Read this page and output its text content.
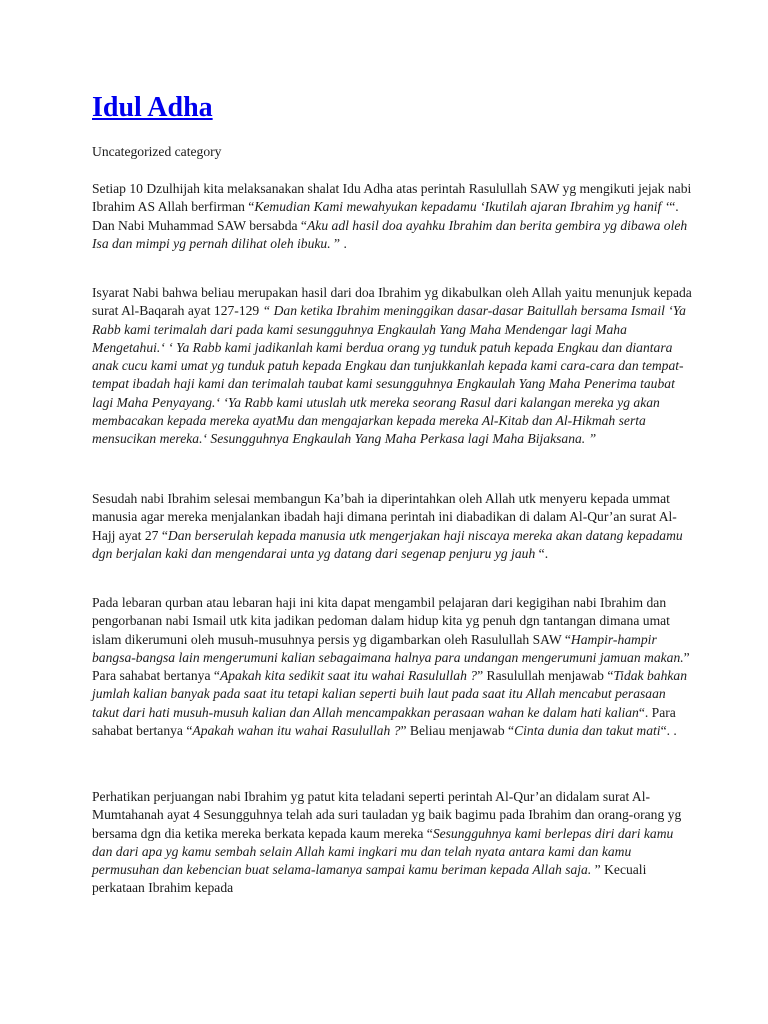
Idul Adha

Uncategorized category

Setiap 10 Dzulhijah kita melaksanakan shalat Idu Adha atas perintah Rasulullah SAW yg mengikuti jejak nabi Ibrahim AS Allah berfirman “Kemudian Kami mewahyukan kepadamu ‘Ikutilah ajaran Ibrahim yg hanif ‘“. Dan Nabi Muhammad SAW bersabda “Aku adl hasil doa ayahku Ibrahim dan berita gembira yg dibawa oleh Isa dan mimpi yg pernah dilihat oleh ibuku. ” .

Isyarat Nabi bahwa beliau merupakan hasil dari doa Ibrahim yg dikabulkan oleh Allah yaitu menunjuk kepada surat Al-Baqarah ayat 127-129 “ Dan ketika Ibrahim meninggikan dasar-dasar Baitullah bersama Ismail ‘Ya Rabb kami terimalah dari pada kami sesungguhnya Engkaulah Yang Maha Mendengar lagi Maha Mengetahui.‘ ‘ Ya Rabb kami jadikanlah kami berdua orang yg tunduk patuh kepada Engkau dan diantara anak cucu kami umat yg tunduk patuh kepada Engkau dan tunjukkanlah kepada kami cara-cara dan tempat-tempat ibadah haji kami dan terimalah taubat kami sesungguhnya Engkaulah Yang Maha Penerima taubat lagi Maha Penyayang.‘ ‘Ya Rabb kami utuslah utk mereka seorang Rasul dari kalangan mereka yg akan membacakan kepada mereka ayatMu dan mengajarkan kepada mereka Al-Kitab dan Al-Hikmah serta mensucikan mereka.‘ Sesungguhnya Engkaulah Yang Maha Perkasa lagi Maha Bijaksana. ”

Sesudah nabi Ibrahim selesai membangun Ka’bah ia diperintahkan oleh Allah utk menyeru kepada ummat manusia agar mereka menjalankan ibadah haji dimana perintah ini diabadikan di dalam Al-Qur’an surat Al-Hajj ayat 27 “Dan berserulah kepada manusia utk mengerjakan haji niscaya mereka akan datang kepadamu dgn berjalan kaki dan mengendarai unta yg datang dari segenap penjuru yg jauh “.

Pada lebaran qurban atau lebaran haji ini kita dapat mengambil pelajaran dari kegigihan nabi Ibrahim dan pengorbanan nabi Ismail utk kita jadikan pedoman dalam hidup kita yg penuh dgn tantangan dimana umat islam dikerumuni oleh musuh-musuhnya persis yg digambarkan oleh Rasulullah SAW “Hampir-hampir bangsa-bangsa lain mengerumuni kalian sebagaimana halnya para undangan mengerumuni jamuan makan.” Para sahabat bertanya “Apakah kita sedikit saat itu wahai Rasulullah ?” Rasulullah menjawab “Tidak bahkan jumlah kalian banyak pada saat itu tetapi kalian seperti buih laut pada saat itu Allah mencabut perasaan takut dari hati musuh-musuh kalian dan Allah mencampakkan perasaan wahan ke dalam hati kalian“. Para sahabat bertanya “Apakah wahan itu wahai Rasulullah ?” Beliau menjawab “Cinta dunia dan takut mati“. .

Perhatikan perjuangan nabi Ibrahim yg patut kita teladani seperti perintah Al-Qur’an didalam surat Al-Mumtahanah ayat 4 Sesungguhnya telah ada suri tauladan yg baik bagimu pada Ibrahim dan orang-orang yg bersama dgn dia ketika mereka berkata kepada kaum mereka “Sesungguhnya kami berlepas diri dari kamu dan dari apa yg kamu sembah selain Allah kami ingkari mu dan telah nyata antara kami dan kamu permusuhan dan kebencian buat selama-lamanya sampai kamu beriman kepada Allah saja. ” Kecuali perkataan Ibrahim kepada
